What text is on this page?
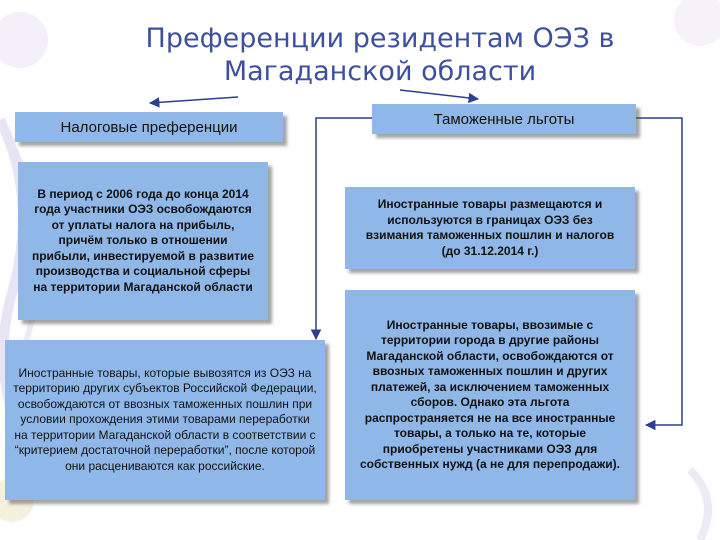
Преференции резидентам ОЭЗ в Магаданской области
Налоговые преференции
В период с 2006 года до конца 2014 года участники ОЭЗ освобождаются от уплаты налога на прибыль, причём только в отношении прибыли, инвестируемой в развитие производства и социальной сферы на территории Магаданской области
Иностранные товары, которые вывозятся из ОЭЗ на территорию других субъектов Российской Федерации, освобождаются от ввозных таможенных пошлин при условии прохождения этими товарами переработки на территории Магаданской области в соответствии с “критерием достаточной переработки”, после которой они расцениваются как российские.
Таможенные льготы
Иностранные товары размещаются и используются в границах ОЭЗ без взимания таможенных пошлин и налогов (до 31.12.2014 г.)
Иностранные товары, ввозимые с территории города в другие районы Магаданской области, освобождаются от ввозных таможенных пошлин и других платежей, за исключением таможенных сборов. Однако эта льгота распространяется не на все иностранные товары, а только на те, которые приобретены участниками ОЭЗ для собственных нужд (а не для перепродажи).
